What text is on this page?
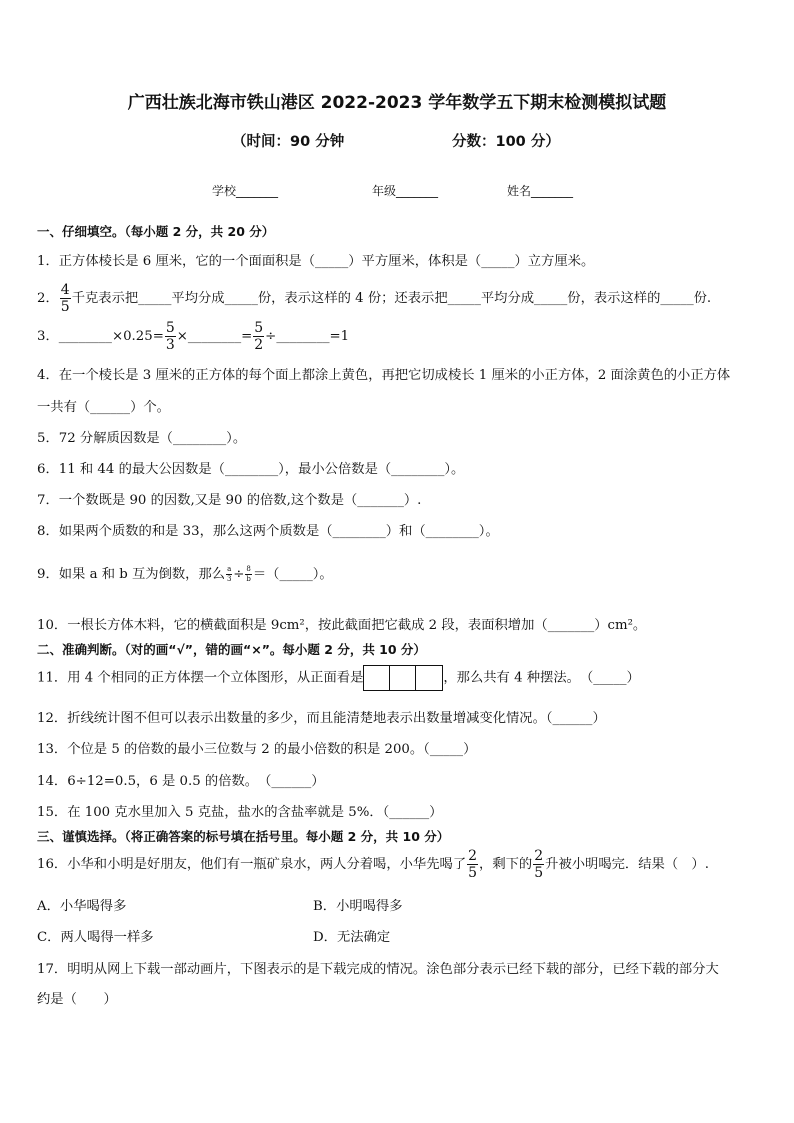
广西壮族北海市铁山港区 2022-2023 学年数学五下期末检测模拟试题
（时间：90 分钟	分数：100 分）
学校_______	年级_______	姓名_______
一、仔细填空。（每小题 2 分，共 20 分）
1．正方体棱长是 6 厘米，它的一个面面积是（_____）平方厘米，体积是（_____）立方厘米。
2． $\frac{4}{5}$ 千克表示把_____平均分成_____份，表示这样的 4 份；还表示把_____平均分成_____份，表示这样的_____份.
3．________×0.25= $\frac{5}{3}$ ×________= $\frac{5}{2}$ ÷________=1
4．在一个棱长是 3 厘米的正方体的每个面上都涂上黄色，再把它切成棱长 1 厘米的小正方体，2 面涂黄色的小正方体
一共有（______）个。
5．72 分解质因数是（________）。
6．11 和 44 的最大公因数是（________），最小公倍数是（________）。
7．一个数既是 90 的因数,又是 90 的倍数,这个数是（_______）.
8．如果两个质数的和是 33，那么这两个质数是（________）和（________）。
9．如果 a 和 b 互为倒数，那么 $\frac{a}{3} \div \frac{8}{b}$ ＝（_____）。
10．一根长方体木料，它的横截面积是 9cm²，按此截面把它截成 2 段，表面积增加（_______）cm²。
二、准确判断。（对的画“√”，错的画“×”。每小题 2 分，共 10 分）
11．用 4 个相同的正方体摆一个立体图形，从正面看是	，那么共有 4 种摆法。　（_____）
12．折线统计图不但可以表示出数量的多少，而且能清楚地表示出数量增减变化情况。（______）
13．个位是 5 的倍数的最小三位数与 2 的最小倍数的积是 200。（_____）
14．6÷12=0.5，6 是 0.5 的倍数。　（______）
15．在 100 克水里加入 5 克盐，盐水的含盐率就是 5%．（______）
三、谨慎选择。（将正确答案的标号填在括号里。每小题 2 分，共 10 分）
16．小华和小明是好朋友，他们有一瓶矿泉水，两人分着喝，小华先喝了 $\frac{2}{5}$ ，剩下的 $\frac{2}{5}$ 升被小明喝完．结果（　）.
A．小华喝得多	B．小明喝得多
C．两人喝得一样多	D．无法确定
17．明明从网上下载一部动画片，下图表示的是下载完成的情况。涂色部分表示已经下载的部分，已经下载的部分大
约是（　　）
